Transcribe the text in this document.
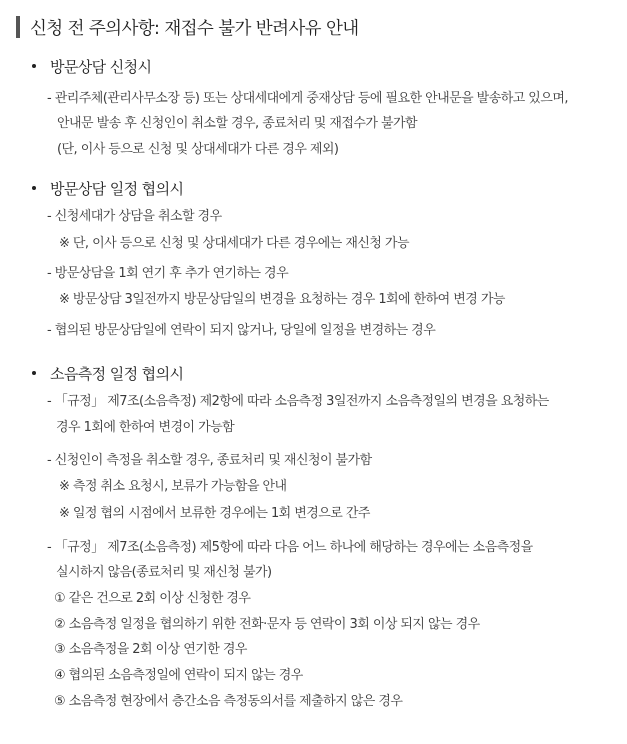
신청 전 주의사항: 재접수 불가 반려사유 안내
방문상담 신청시
- 관리주체(관리사무소장 등) 또는 상대세대에게 중재상담 등에 필요한 안내문을 발송하고 있으며,
안내문 발송 후 신청인이 취소할 경우, 종료처리 및 재접수가 불가함
(단, 이사 등으로 신청 및 상대세대가 다른 경우 제외)
방문상담 일정 협의시
- 신청세대가 상담을 취소할 경우
※ 단, 이사 등으로 신청 및 상대세대가 다른 경우에는 재신청 가능
- 방문상담을 1회 연기 후 추가 연기하는 경우
※ 방문상담 3일전까지 방문상담일의 변경을 요청하는 경우 1회에 한하여 변경 가능
- 협의된 방문상담일에 연락이 되지 않거나, 당일에 일정을 변경하는 경우
소음측정 일정 협의시
- 「규정」 제7조(소음측정) 제2항에 따라 소음측정 3일전까지 소음측정일의 변경을 요청하는
경우 1회에 한하여 변경이 가능함
- 신청인이 측정을 취소할 경우, 종료처리 및 재신청이 불가함
※ 측정 취소 요청시, 보류가 가능함을 안내
※ 일정 협의 시점에서 보류한 경우에는 1회 변경으로 간주
- 「규정」 제7조(소음측정) 제5항에 따라 다음 어느 하나에 해당하는 경우에는 소음측정을
실시하지 않음(종료처리 및 재신청 불가)
① 같은 건으로 2회 이상 신청한 경우
② 소음측정 일정을 협의하기 위한 전화·문자 등 연락이 3회 이상 되지 않는 경우
③ 소음측정을 2회 이상 연기한 경우
④ 협의된 소음측정일에 연락이 되지 않는 경우
⑤ 소음측정 현장에서 층간소음 측정동의서를 제출하지 않은 경우
